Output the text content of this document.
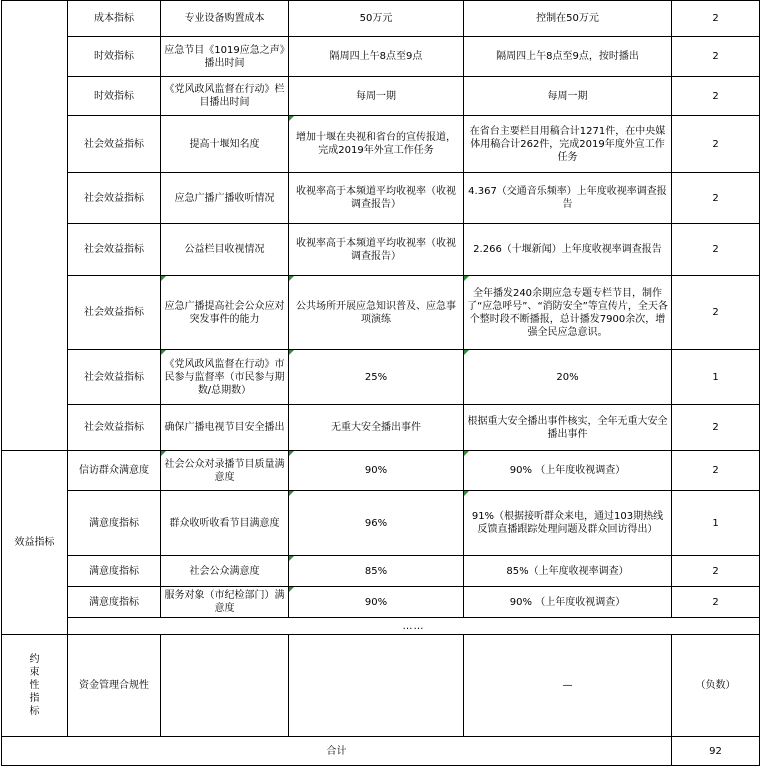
	成本指标	专业设备购置成本	50万元	控制在50万元	2
	时效指标	应急节目《1019应急之声》播出时间	隔周四上午8点至9点	隔周四上午8点至9点，按时播出	2
	时效指标	《党风政风监督在行动》栏目播出时间	每周一期	每周一期	2
	社会效益指标	提高十堰知名度	增加十堰在央视和省台的宣传报道，完成2019年外宣工作任务	在省台主要栏目用稿合计1271件，在中央媒体用稿合计262件，完成2019年度外宣工作任务	2
	社会效益指标	应急广播广播收听情况	收视率高于本频道平均收视率（收视调查报告）	4.367（交通音乐频率）上年度收视率调查报告	2
	社会效益指标	公益栏目收视情况	收视率高于本频道平均收视率（收视调查报告）	2.266（十堰新闻）上年度收视率调查报告	2
	社会效益指标	应急广播提高社会公众应对突发事件的能力	公共场所开展应急知识普及、应急事项演练	全年播发240余期应急专题专栏节目，制作了“应急呼号”、“消防安全”等宣传片，全天各个整时段不断播报，总计播发7900余次，增强全民应急意识。	2
	社会效益指标	《党风政风监督在行动》市民参与监督率（市民参与期数/总期数）	25%	20%	1
	社会效益指标	确保广播电视节目安全播出	无重大安全播出事件	根据重大安全播出事件核实，全年无重大安全播出事件	2
效益指标	信访群众满意度	社会公众对录播节目质量满意度	90%	90% （上年度收视调查）	2
	满意度指标	群众收听收看节目满意度	96%	91%（根据接听群众来电，通过103期热线反馈直播跟踪处理问题及群众回访得出）	1
	满意度指标	社会公众满意度	85%	85%（上年度收视率调查）	2
	满意度指标	服务对象（市纪检部门）满意度	90%	90% （上年度收视调查）	2
	……				

约束性指标	资金管理合规性			—	（负数）
合计					92
